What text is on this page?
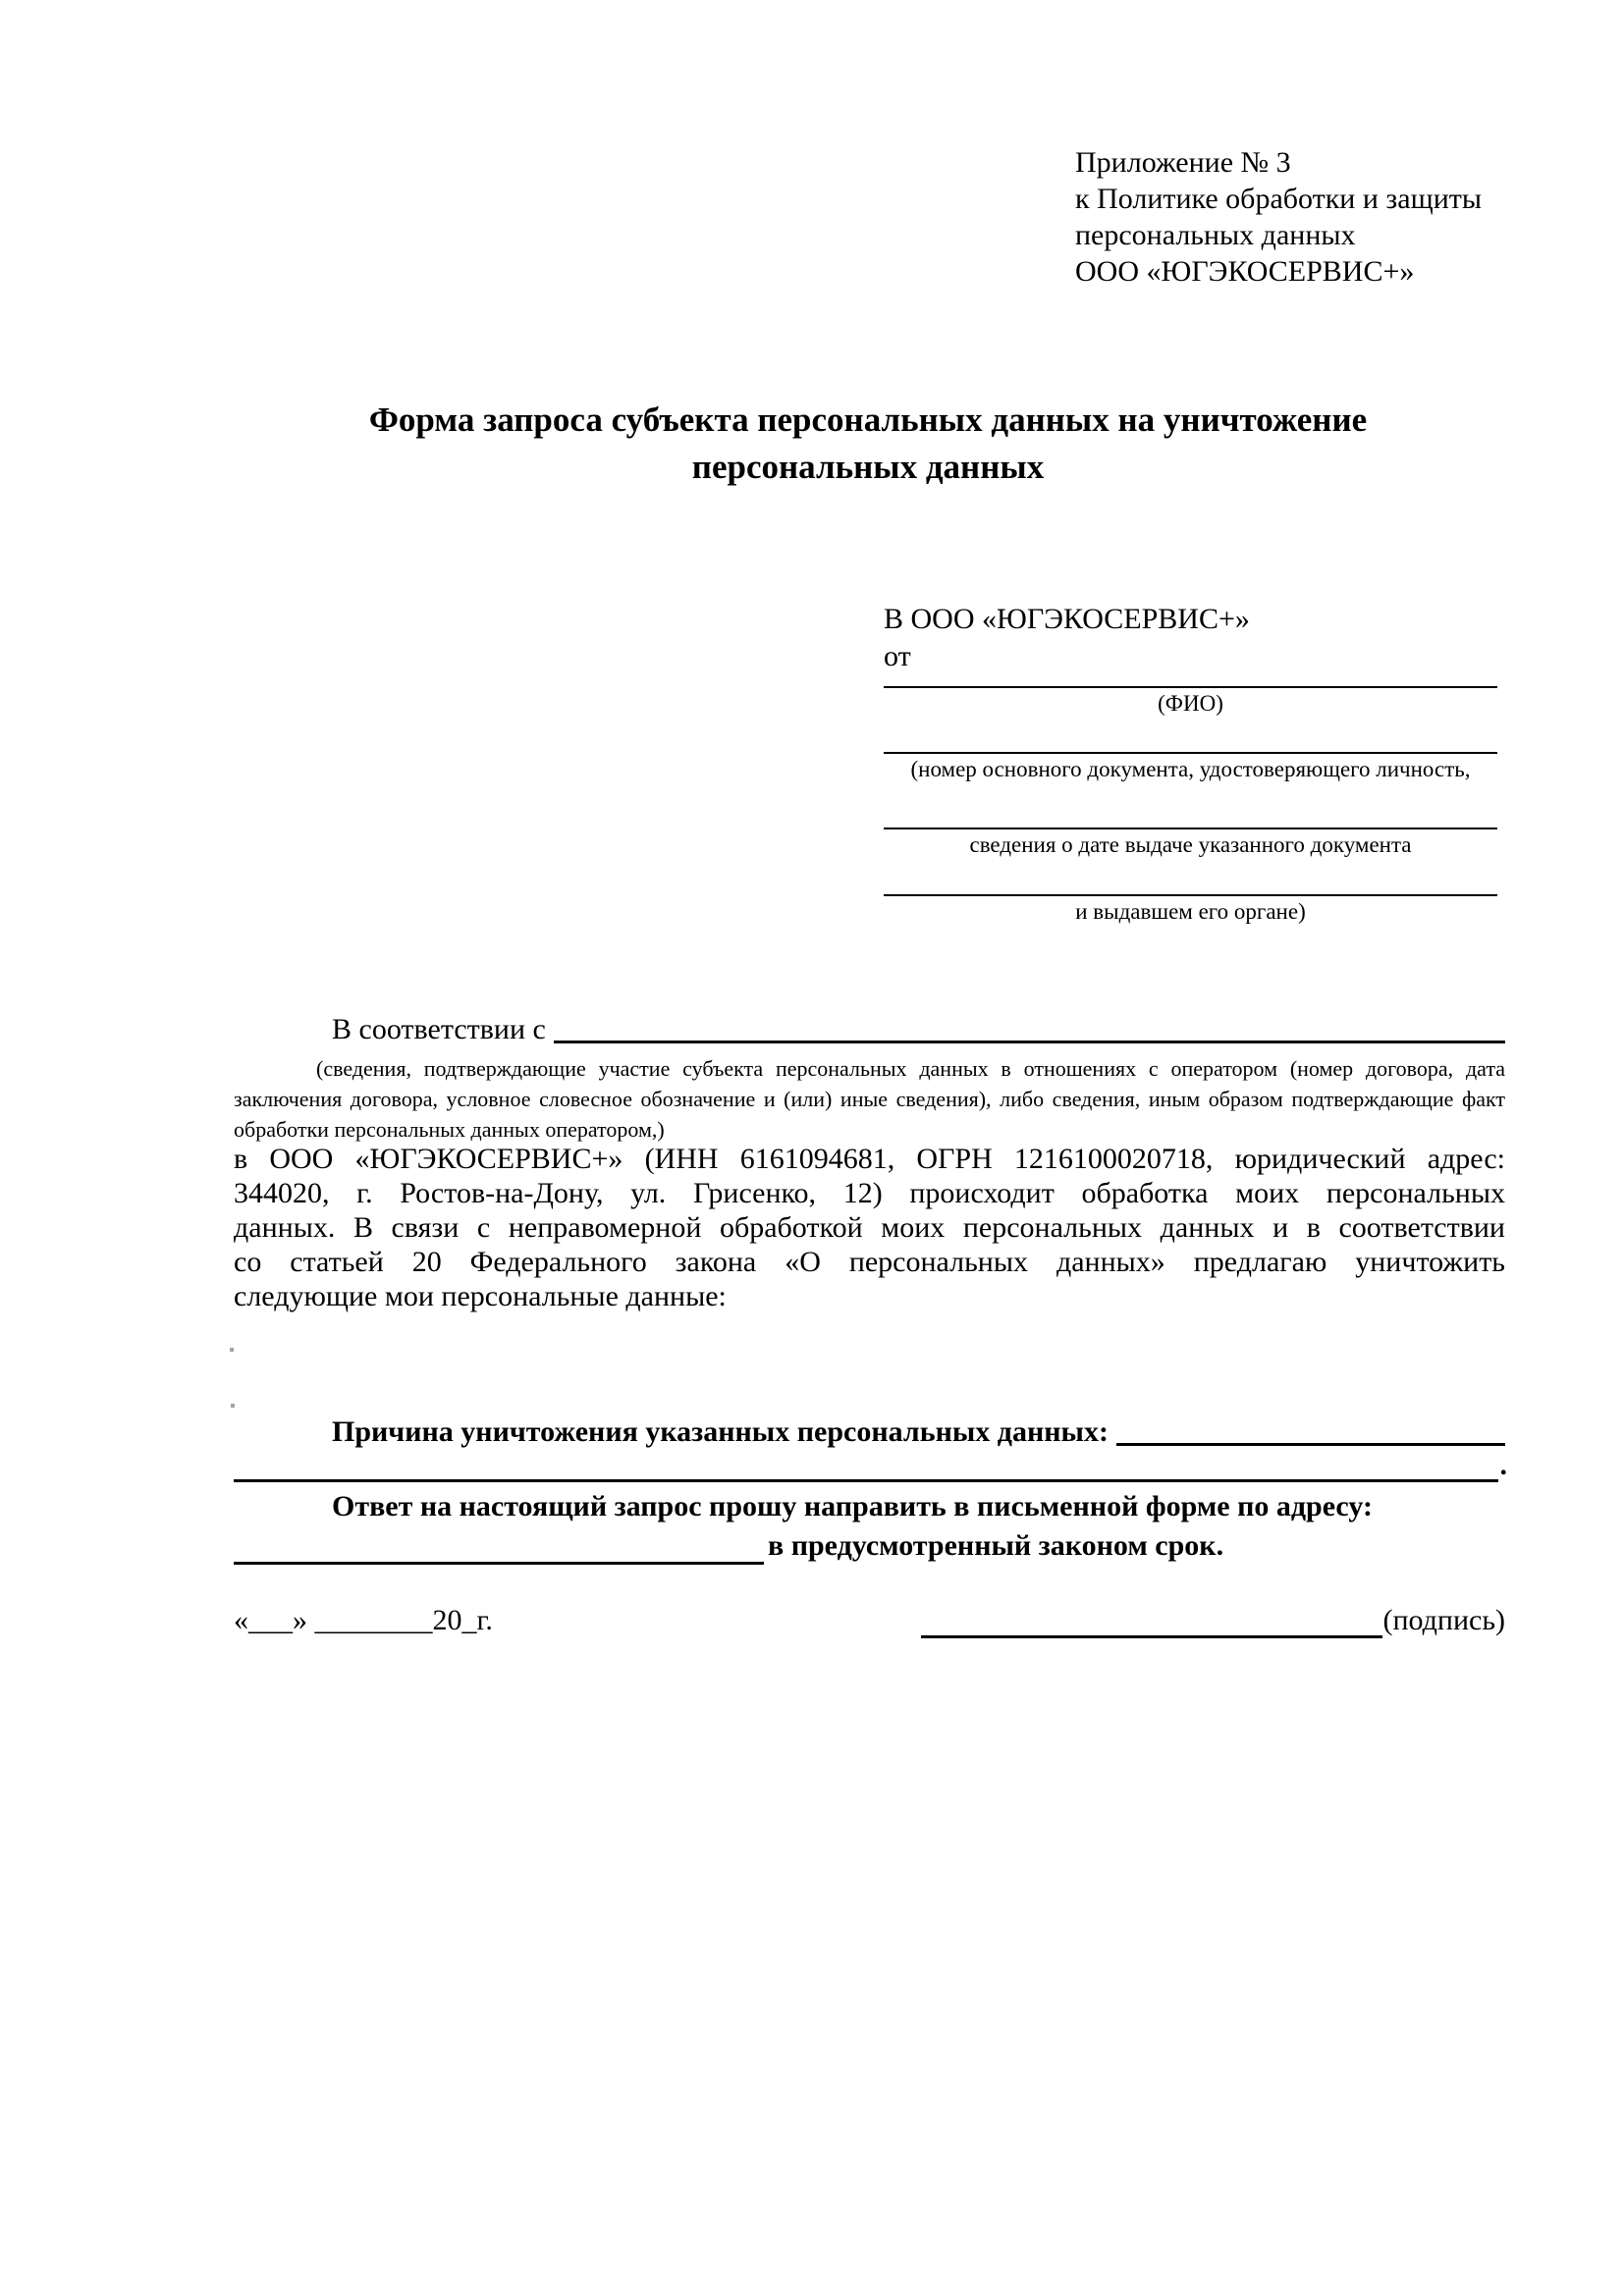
Приложение № 3
к Политике обработки и защиты
персональных данных
ООО «ЮГЭКОСЕРВИС+»
Форма запроса субъекта персональных данных на уничтожение
персональных данных
В ООО «ЮГЭКОСЕРВИС+»
от
(ФИО)
(номер основного документа, удостоверяющего личность,
сведения о дате выдаче указанного документа
и выдавшем его органе)
В соответствии с
(сведения, подтверждающие участие субъекта персональных данных в отношениях с оператором (номер договора, дата
заключения договора, условное словесное обозначение и (или) иные сведения), либо сведения, иным образом подтверждающие факт
обработки персональных данных оператором,)
в ООО «ЮГЭКОСЕРВИС+» (ИНН 6161094681, ОГРН 1216100020718, юридический адрес:
344020, г. Ростов-на-Дону, ул. Грисенко, 12) происходит обработка моих персональных
данных. В связи с неправомерной обработкой моих персональных данных и в соответствии
со статьей 20 Федерального закона «О персональных данных» предлагаю уничтожить
следующие мои персональные данные:
Причина уничтожения указанных персональных данных:
.
Ответ на настоящий запрос прошу направить в письменной форме по адресу:
в предусмотренный законом срок.
«___» ________20_г.	(подпись)
